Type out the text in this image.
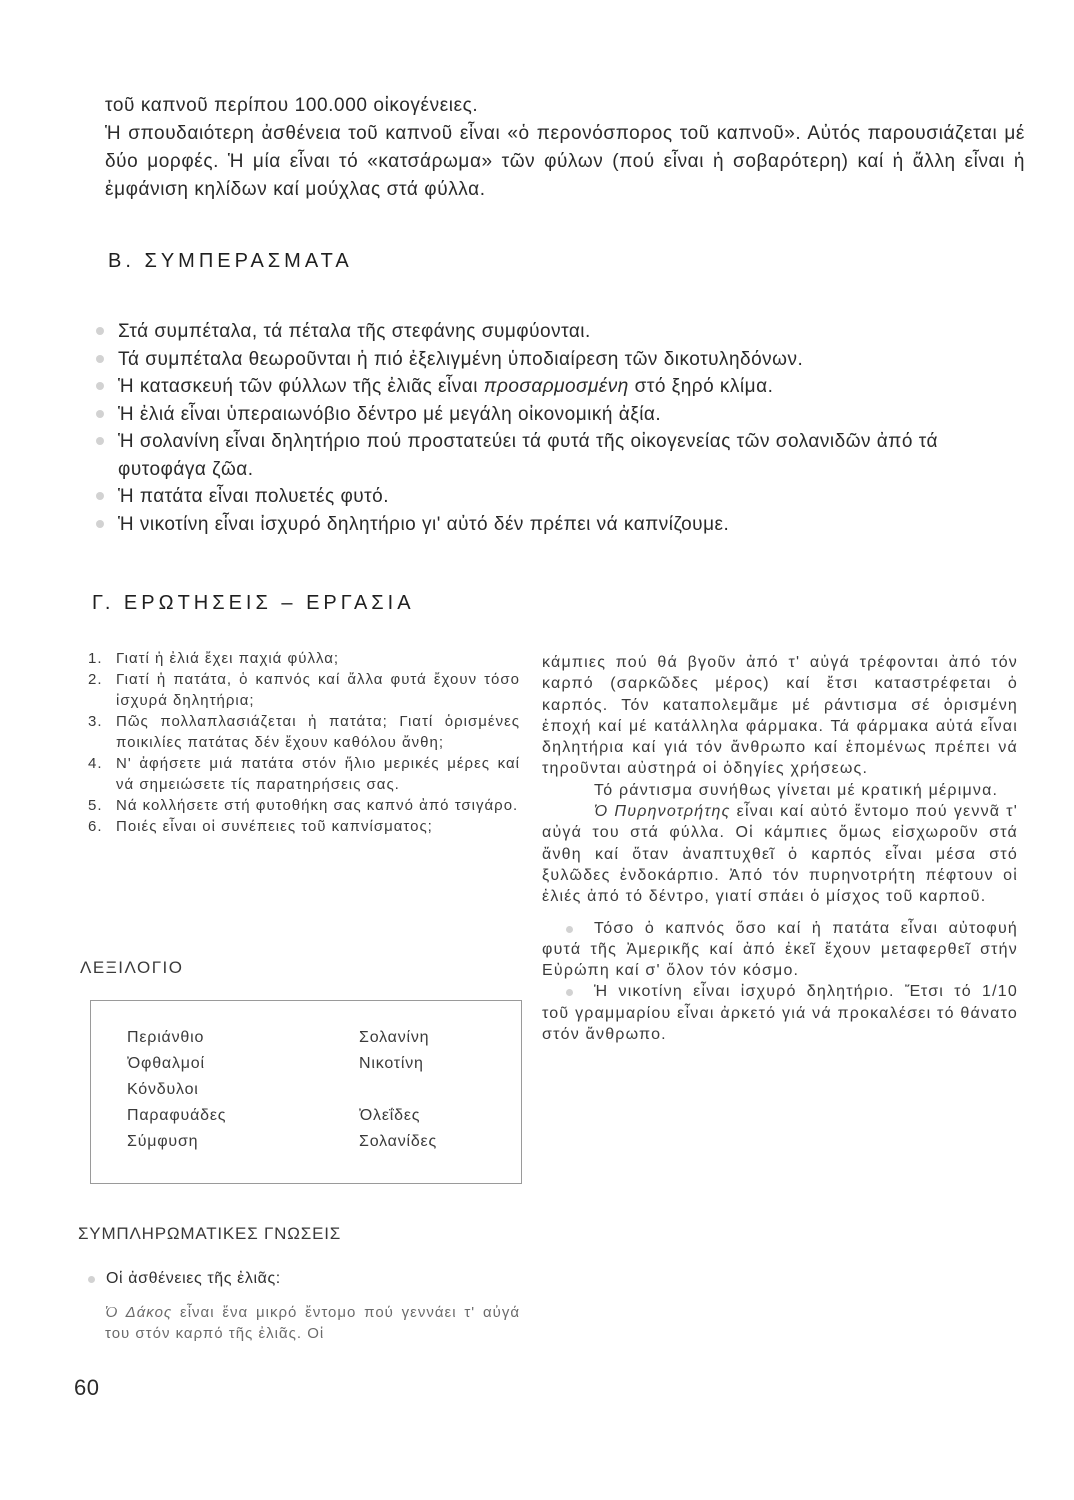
τοῦ καπνοῦ περίπου 100.000 οἰκογένειες.

Ἡ σπουδαιότερη ἀσθένεια τοῦ καπνοῦ εἶναι «ὁ περονόσπορος τοῦ καπνοῦ». Αὐτός παρουσιάζεται μέ δύο μορφές. Ἡ μία εἶναι τό «κατσάρωμα» τῶν φύλων (πού εἶναι ἡ σοβαρότερη) καί ἡ ἄλλη εἶναι ἡ ἐμφάνιση κηλίδων καί μούχλας στά φύλλα.

Β. ΣΥΜΠΕΡΑΣΜΑΤΑ
Στά συμπέταλα, τά πέταλα τῆς στεφάνης συμφύονται.
Τά συμπέταλα θεωροῦνται ἡ πιό ἐξελιγμένη ὑποδιαίρεση τῶν δικοτυληδόνων.
Ἡ κατασκευή τῶν φύλλων τῆς ἐλιᾶς εἶναι προσαρμοσμένη στό ξηρό κλίμα.
Ἡ ἐλιά εἶναι ὑπεραιωνόβιο δέντρο μέ μεγάλη οἰκονομική ἀξία.
Ἡ σολανίνη εἶναι δηλητήριο πού προστατεύει τά φυτά τῆς οἰκογενείας τῶν σολανιδῶν ἀπό τά φυτοφάγα ζῶα.
Ἡ πατάτα εἶναι πολυετές φυτό.
Ἡ νικοτίνη εἶναι ἰσχυρό δηλητήριο γι' αὐτό δέν πρέπει νά καπνίζουμε.
Γ. ΕΡΩΤΗΣΕΙΣ – ΕΡΓΑΣΙΑ
1. Γιατί ἡ ἐλιά ἔχει παχιά φύλλα;
2. Γιατί ἡ πατάτα, ὁ καπνός καί ἄλλα φυτά ἔχουν τόσο ἰσχυρά δηλητήρια;
3. Πῶς πολλαπλασιάζεται ἡ πατάτα; Γιατί ὁρισμένες ποικιλίες πατάτας δέν ἔχουν καθόλου ἄνθη;
4. Ν' ἀφήσετε μιά πατάτα στόν ἥλιο μερικές μέρες καί νά σημειώσετε τίς παρατηρήσεις σας.
5. Νά κολλήσετε στή φυτοθήκη σας καπνό ἀπό τσιγάρο.
6. Ποιές εἶναι οἱ συνέπειες τοῦ καπνίσματος;
ΛΕΞΙΛΟΓΙΟ
Περιάνθιο
Ὀφθαλμοί
Κόνδυλοι
Παραφυάδες
Σύμφυση
Σολανίνη
Νικοτίνη

Ὀλεΐδες
Σολανίδες
ΣΥΜΠΛΗΡΩΜΑΤΙΚΕΣ ΓΝΩΣΕΙΣ
Οἱ ἀσθένειες τῆς ἐλιᾶς:

Ὁ Δάκος εἶναι ἕνα μικρό ἔντομο πού γεννάει τ' αὐγά του στόν καρπό τῆς ἐλιᾶς. Οἱ

κάμπιες πού θά βγοῦν ἀπό τ' αὐγά τρέφονται ἀπό τόν καρπό (σαρκῶδες μέρος) καί ἔτσι καταστρέφεται ὁ καρπός. Τόν καταπολεμᾶμε μέ ράντισμα σέ ὁρισμένη ἐποχή καί μέ κατάλληλα φάρμακα. Τά φάρμακα αὐτά εἶναι δηλητήρια καί γιά τόν ἄνθρωπο καί ἑπομένως πρέπει νά τηροῦνται αὐστηρά οἱ ὁδηγίες χρήσεως.

Τό ράντισμα συνήθως γίνεται μέ κρατική μέριμνα.

Ὁ Πυρηνοτρήτης εἶναι καί αὐτό ἔντομο πού γεννᾶ τ' αὐγά του στά φύλλα. Οἱ κάμπιες ὅμως εἰσχωροῦν στά ἄνθη καί ὅταν ἀναπτυχθεῖ ὁ καρπός εἶναι μέσα στό ξυλῶδες ἐνδοκάρπιο. Ἀπό τόν πυρηνοτρήτη πέφτουν οἱ ἐλιές ἀπό τό δέντρο, γιατί σπάει ὁ μίσχος τοῦ καρποῦ.

Τόσο ὁ καπνός ὅσο καί ἡ πατάτα εἶναι αὐτοφυή φυτά τῆς Ἀμερικῆς καί ἀπό ἐκεῖ ἔχουν μεταφερθεῖ στήν Εὐρώπη καί σ' ὅλον τόν κόσμο.

Ἡ νικοτίνη εἶναι ἰσχυρό δηλητήριο. Ἔτσι τό 1/10 τοῦ γραμμαρίου εἶναι ἀρκετό γιά νά προκαλέσει τό θάνατο στόν ἄνθρωπο.

60
